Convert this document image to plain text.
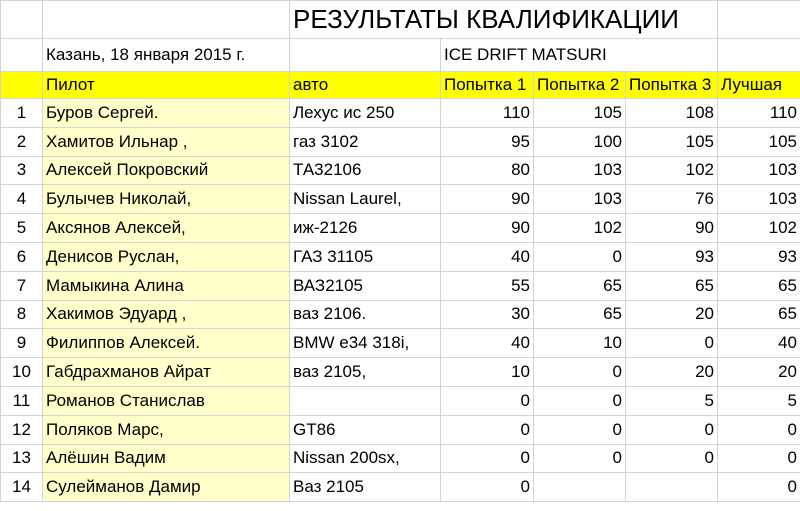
		РЕЗУЛЬТАТЫ КВАЛИФИКАЦИИ				
	Казань, 18 января 2015 г.		ICE DRIFT MATSURI			
	Пилот	авто	Попытка 1	Попытка 2	Попытка 3	Лучшая
1	Буров Сергей.	Лехус ис 250	110	105	108	110
2	Хамитов Ильнар ,	газ 3102	95	100	105	105
3	Алексей Покровский	ТА32106	80	103	102	103
4	Булычев Николай,	Nissan Laurel,	90	103	76	103
5	Аксянов Алексей,	иж-2126	90	102	90	102
6	Денисов Руслан,	ГАЗ 31105	40	0	93	93
7	Мамыкина Алина	ВАЗ2105	55	65	65	65
8	Хакимов Эдуард ,	ваз 2106.	30	65	20	65
9	Филиппов Алексей.	BMW e34 318i,	40	10	0	40
10	Габдрахманов Айрат	ваз 2105,	10	0	20	20
11	Романов Станислав		0	0	5	5
12	Поляков Марс,	GT86	0	0	0	0
13	Алёшин Вадим	Nissan 200sx,	0	0	0	0
14	Сулейманов Дамир	Ваз 2105	0			0
